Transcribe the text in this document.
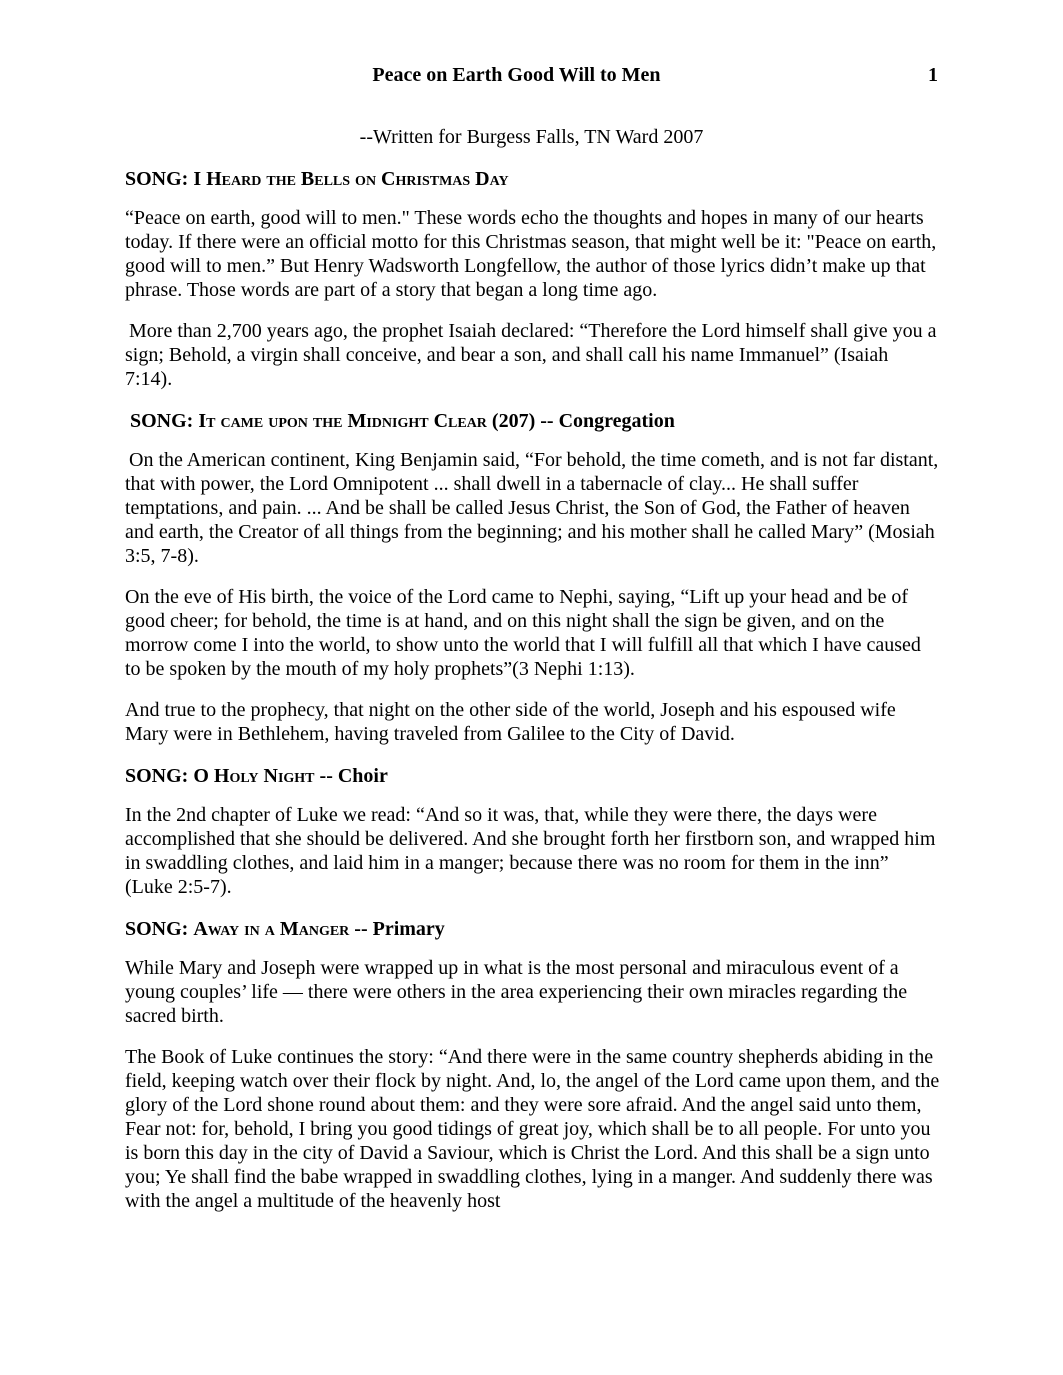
Peace on Earth Good Will to Men	1
--Written for Burgess Falls, TN Ward 2007
SONG: I Heard the Bells on Christmas Day

“Peace on earth, good will to men." These words echo the thoughts and hopes in many of our hearts today. If there were an official motto for this Christmas season, that might well be it: "Peace on earth, good will to men.” But Henry Wadsworth Longfellow, the author of those lyrics didn’t make up that phrase. Those words are part of a story that began a long time ago.

More than 2,700 years ago, the prophet Isaiah declared: “Therefore the Lord himself shall give you a sign; Behold, a virgin shall conceive, and bear a son, and shall call his name Immanuel” (Isaiah 7:14).

SONG: It came upon the Midnight Clear (207) -- Congregation

On the American continent, King Benjamin said, “For behold, the time cometh, and is not far distant, that with power, the Lord Omnipotent ... shall dwell in a tabernacle of clay... He shall suffer temptations, and pain. ... And be shall be called Jesus Christ, the Son of God, the Father of heaven and earth, the Creator of all things from the beginning; and his mother shall he called Mary” (Mosiah 3:5, 7-8).

On the eve of His birth, the voice of the Lord came to Nephi, saying, “Lift up your head and be of good cheer; for behold, the time is at hand, and on this night shall the sign be given, and on the morrow come I into the world, to show unto the world that I will fulfill all that which I have caused to be spoken by the mouth of my holy prophets”(3 Nephi 1:13).

And true to the prophecy, that night on the other side of the world, Joseph and his espoused wife Mary were in Bethlehem, having traveled from Galilee to the City of David.

SONG: O Holy Night -- Choir

In the 2nd chapter of Luke we read: “And so it was, that, while they were there, the days were accomplished that she should be delivered. And she brought forth her firstborn son, and wrapped him in swaddling clothes, and laid him in a manger; because there was no room for them in the inn” (Luke 2:5-7).

SONG: Away in a Manger -- Primary

While Mary and Joseph were wrapped up in what is the most personal and miraculous event of a young couples’ life — there were others in the area experiencing their own miracles regarding the sacred birth.

The Book of Luke continues the story: “And there were in the same country shepherds abiding in the field, keeping watch over their flock by night. And, lo, the angel of the Lord came upon them, and the glory of the Lord shone round about them: and they were sore afraid. And the angel said unto them, Fear not: for, behold, I bring you good tidings of great joy, which shall be to all people. For unto you is born this day in the city of David a Saviour, which is Christ the Lord. And this shall be a sign unto you; Ye shall find the babe wrapped in swaddling clothes, lying in a manger. And suddenly there was with the angel a multitude of the heavenly host
